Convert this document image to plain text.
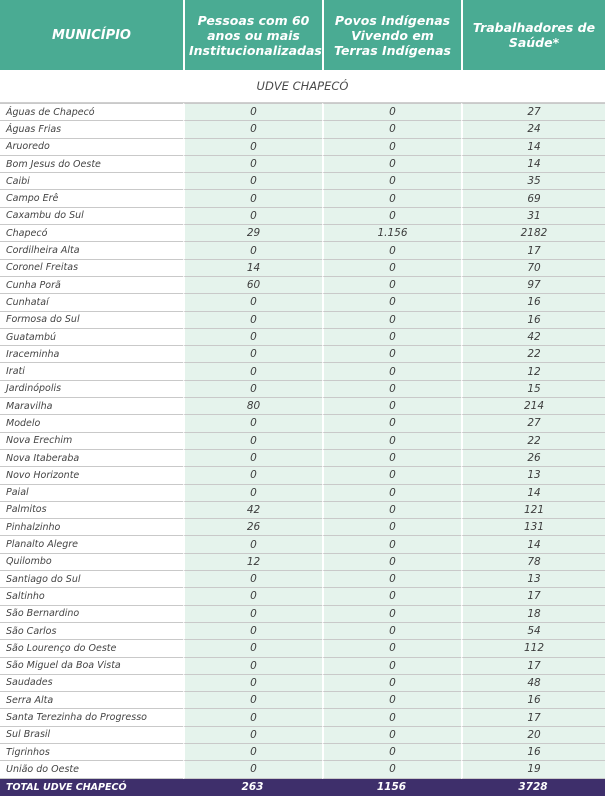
MUNICÍPIO	Pessoas com 60 anos ou mais Institucionalizadas	Povos Indígenas Vivendo em Terras Indígenas	Trabalhadores de Saúde*
UDVE CHAPECÓ			
Águas de Chapecó	0	0	27
Águas Frias	0	0	24
Aruoredo	0	0	14
Bom Jesus do Oeste	0	0	14
Caibi	0	0	35
Campo Erê	0	0	69
Caxambu do Sul	0	0	31
Chapecó	29	1.156	2182
Cordilheira Alta	0	0	17
Coronel Freitas	14	0	70
Cunha Porã	60	0	97
Cunhataí	0	0	16
Formosa do Sul	0	0	16
Guatambú	0	0	42
Iraceminha	0	0	22
Irati	0	0	12
Jardinópolis	0	0	15
Maravilha	80	0	214
Modelo	0	0	27
Nova Erechim	0	0	22
Nova Itaberaba	0	0	26
Novo Horizonte	0	0	13
Paial	0	0	14
Palmitos	42	0	121
Pinhalzinho	26	0	131
Planalto Alegre	0	0	14
Quilombo	12	0	78
Santiago do Sul	0	0	13
Saltinho	0	0	17
São Bernardino	0	0	18
São Carlos	0	0	54
São Lourenço do Oeste	0	0	112
São Miguel da Boa Vista	0	0	17
Saudades	0	0	48
Serra Alta	0	0	16
Santa Terezinha do Progresso	0	0	17
Sul Brasil	0	0	20
Tigrinhos	0	0	16
União do Oeste	0	0	19
TOTAL UDVE CHAPECÓ	263	1156	3728
